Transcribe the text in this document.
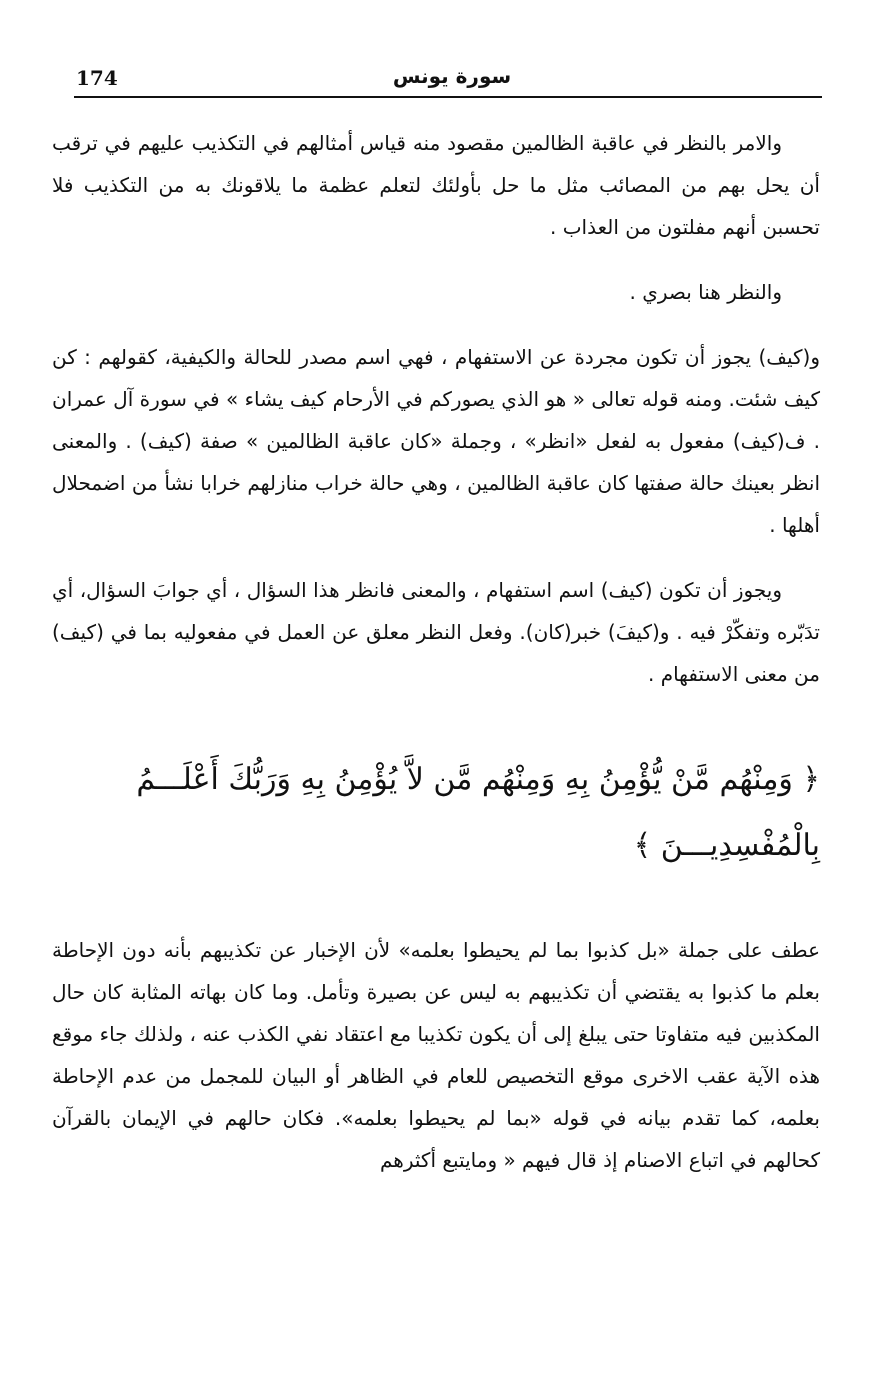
174	سورة يونس

والامر بالنظر في عاقبة الظالمين مقصود منه قياس أمثالهم في التكذيب عليهم في ترقب أن يحل بهم من المصائب مثل ما حل بأولئك لتعلم عظمة ما يلاقونك به من التكذيب فلا تحسبن أنهم مفلتون من العذاب .

والنظر هنا بصري .

و(كيف) يجوز أن تكون مجردة عن الاستفهام ، فهي اسم مصدر للحالة والكيفية، كقولهم : كن كيف شئت. ومنه قوله تعالى « هو الذي يصوركم في الأرحام كيف يشاء » في سورة آل عمران . ف(كيف) مفعول به لفعل «انظر» ، وجملة «كان عاقبة الظالمين » صفة (كيف) . والمعنى انظر بعينك حالة صفتها كان عاقبة الظالمين ، وهي حالة خراب منازلهم خرابا نشأ من اضمحلال أهلها .

ويجوز أن تكون (كيف) اسم استفهام ، والمعنى فانظر هذا السؤال ، أي جوابَ السؤال، أي تدَبّره وتفكّرْ فيه . و(كيفَ) خبر(كان). وفعل النظر معلق عن العمل في مفعوليه بما في (كيف) من معنى الاستفهام .

﴿ وَمِنْهُم مَّنْ يُّؤْمِنُ بِهِ وَمِنْهُم مَّن لاَّ يُؤْمِنُ بِهِ وَرَبُّكَ أَعْلَـــمُ
بِالْمُفْسِدِيـــنَ ﴾

عطف على جملة «بل كذبوا بما لم يحيطوا بعلمه» لأن الإخبار عن تكذيبهم بأنه دون الإحاطة بعلم ما كذبوا به يقتضي أن تكذيبهم به ليس عن بصيرة وتأمل. وما كان بهاته المثابة كان حال المكذبين فيه متفاوتا حتى يبلغ إلى أن يكون تكذيبا مع اعتقاد نفي الكذب عنه ، ولذلك جاء موقع هذه الآية عقب الاخرى موقع التخصيص للعام في الظاهر أو البيان للمجمل من عدم الإحاطة بعلمه، كما تقدم بيانه في قوله «بما لم يحيطوا بعلمه». فكان حالهم في الإيمان بالقرآن كحالهم في اتباع الاصنام إذ قال فيهم « ومايتبع أكثرهم
